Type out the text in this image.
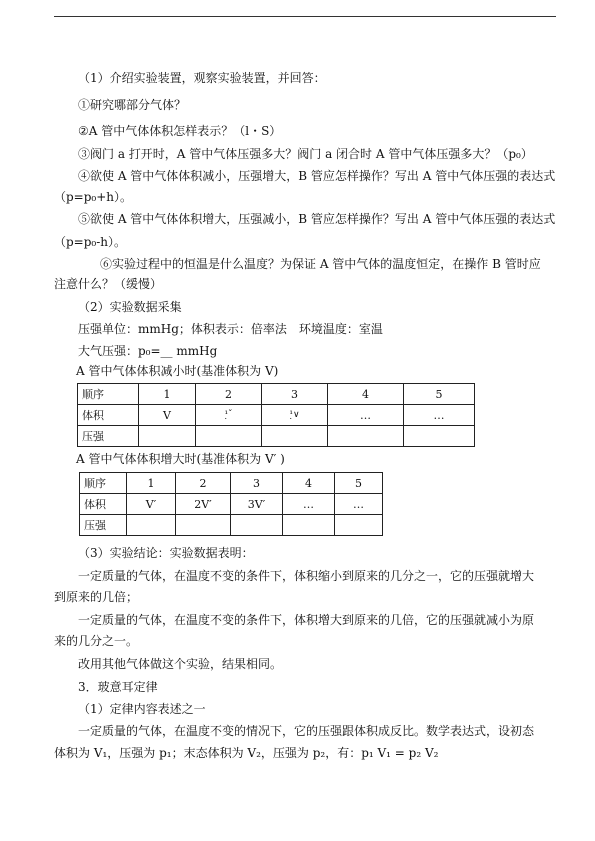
（1）介绍实验装置，观察实验装置，并回答：
①研究哪部分气体？
②A 管中气体体积怎样表示？（l・S）
③阀门 a 打开时，A 管中气体压强多大？阀门 a 闭合时 A 管中气体压强多大？（p₀）
④欲使 A 管中气体体积减小，压强增大，B 管应怎样操作？写出 A 管中气体压强的表达式
（p=p₀+h）。
⑤欲使 A 管中气体体积增大，压强减小，B 管应怎样操作？写出 A 管中气体压强的表达式
（p=p₀-h）。
⑥实验过程中的恒温是什么温度？为保证 A 管中气体的温度恒定，在操作 B 管时应
注意什么？（缓慢）
（2）实验数据采集
压强单位：mmHg；体积表示：倍率法　环境温度：室温
大气压强：p₀=__ mmHg
A 管中气体体积减小时(基准体积为 V)
顺序	1	2	3	4	5
体积	V	¹̣ˇ	¹̣∨	…	…
压强					
A 管中气体体积增大时(基准体积为 V′ )
顺序	1	2	3	4	5
体积	V′	2V′	3V′	…	…
压强					
（3）实验结论：实验数据表明：
一定质量的气体，在温度不变的条件下，体积缩小到原来的几分之一，它的压强就增大
到原来的几倍；
一定质量的气体，在温度不变的条件下，体积增大到原来的几倍，它的压强就减小为原
来的几分之一。
改用其他气体做这个实验，结果相同。
3．玻意耳定律
（1）定律内容表述之一
一定质量的气体，在温度不变的情况下，它的压强跟体积成反比。数学表达式，设初态
体积为 V₁，压强为 p₁；末态体积为 V₂，压强为 p₂，有：p₁ V₁ = p₂ V₂
